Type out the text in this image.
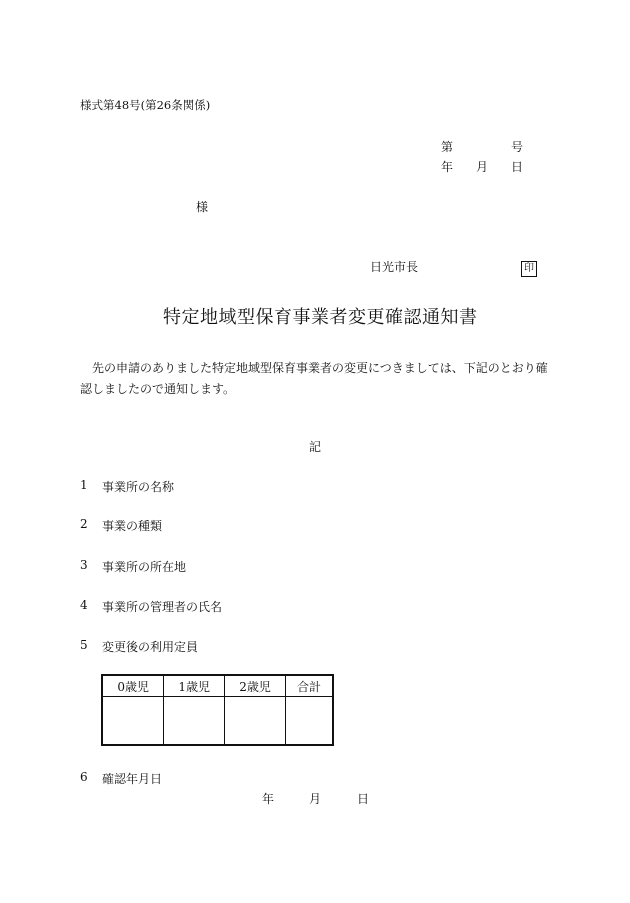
様式第48号(第26条関係)
第	号
年 月 日
様
日光市長	印
特定地域型保育事業者変更確認通知書
先の申請のありました特定地域型保育事業者の変更につきましては、下記のとおり確認しましたので通知します。
記
1 事業所の名称
2 事業の種類
3 事業所の所在地
4 事業所の管理者の氏名
5 変更後の利用定員
0歳児	1歳児	2歳児	合計

6 確認年月日
年	月	日
